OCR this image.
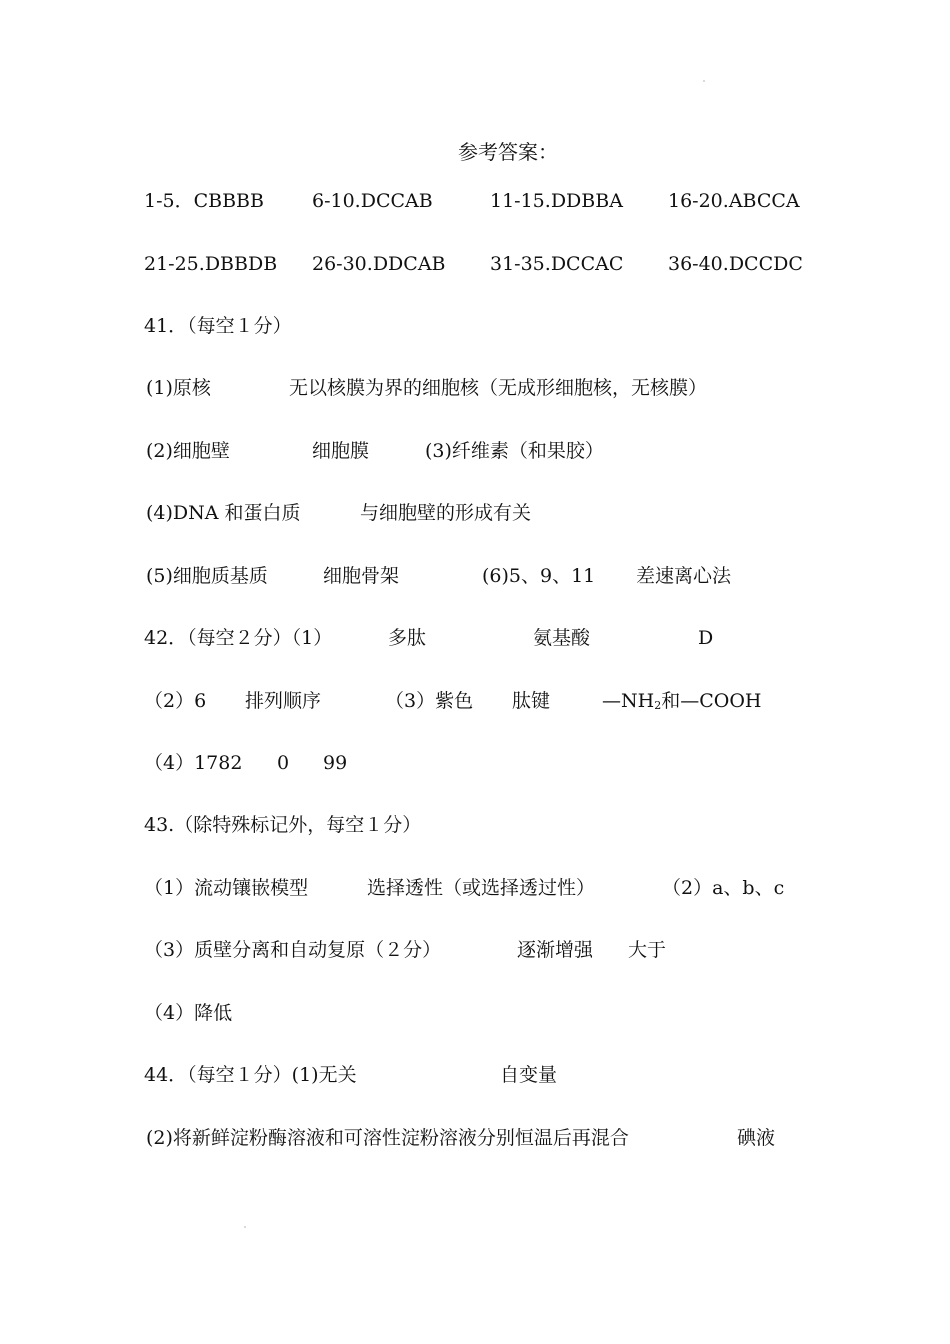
参考答案：
1-5．CBBBB	6-10.DCCAB	11-15.DDBBA 16-20.ABCCA
21-25.DBBDB 26-30.DDCAB 31-35.DCCAC 36-40.DCCDC
41．（每空１分）
(1)原核	无以核膜为界的细胞核（无成形细胞核，无核膜）
(2)细胞壁	细胞膜	(3)纤维素（和果胶）
(4)DNA 和蛋白质	与细胞壁的形成有关
(5)细胞质基质	细胞骨架	(6)5、9、11 差速离心法
42．（每空２分）（1）	多肽	氨基酸	D
（2）6 排列顺序	（3）紫色 肽键	$—NH_2$和—COOH
（4）1782 0 99
43.（除特殊标记外，每空１分）
（1）流动镶嵌模型	选择透性（或选择透过性）	（2）a、b、c
（3）质壁分离和自动复原（２分）	逐渐增强 大于
（4）降低
44．（每空１分）(1)无关	自变量
(2)将新鲜淀粉酶溶液和可溶性淀粉溶液分别恒温后再混合	碘液
